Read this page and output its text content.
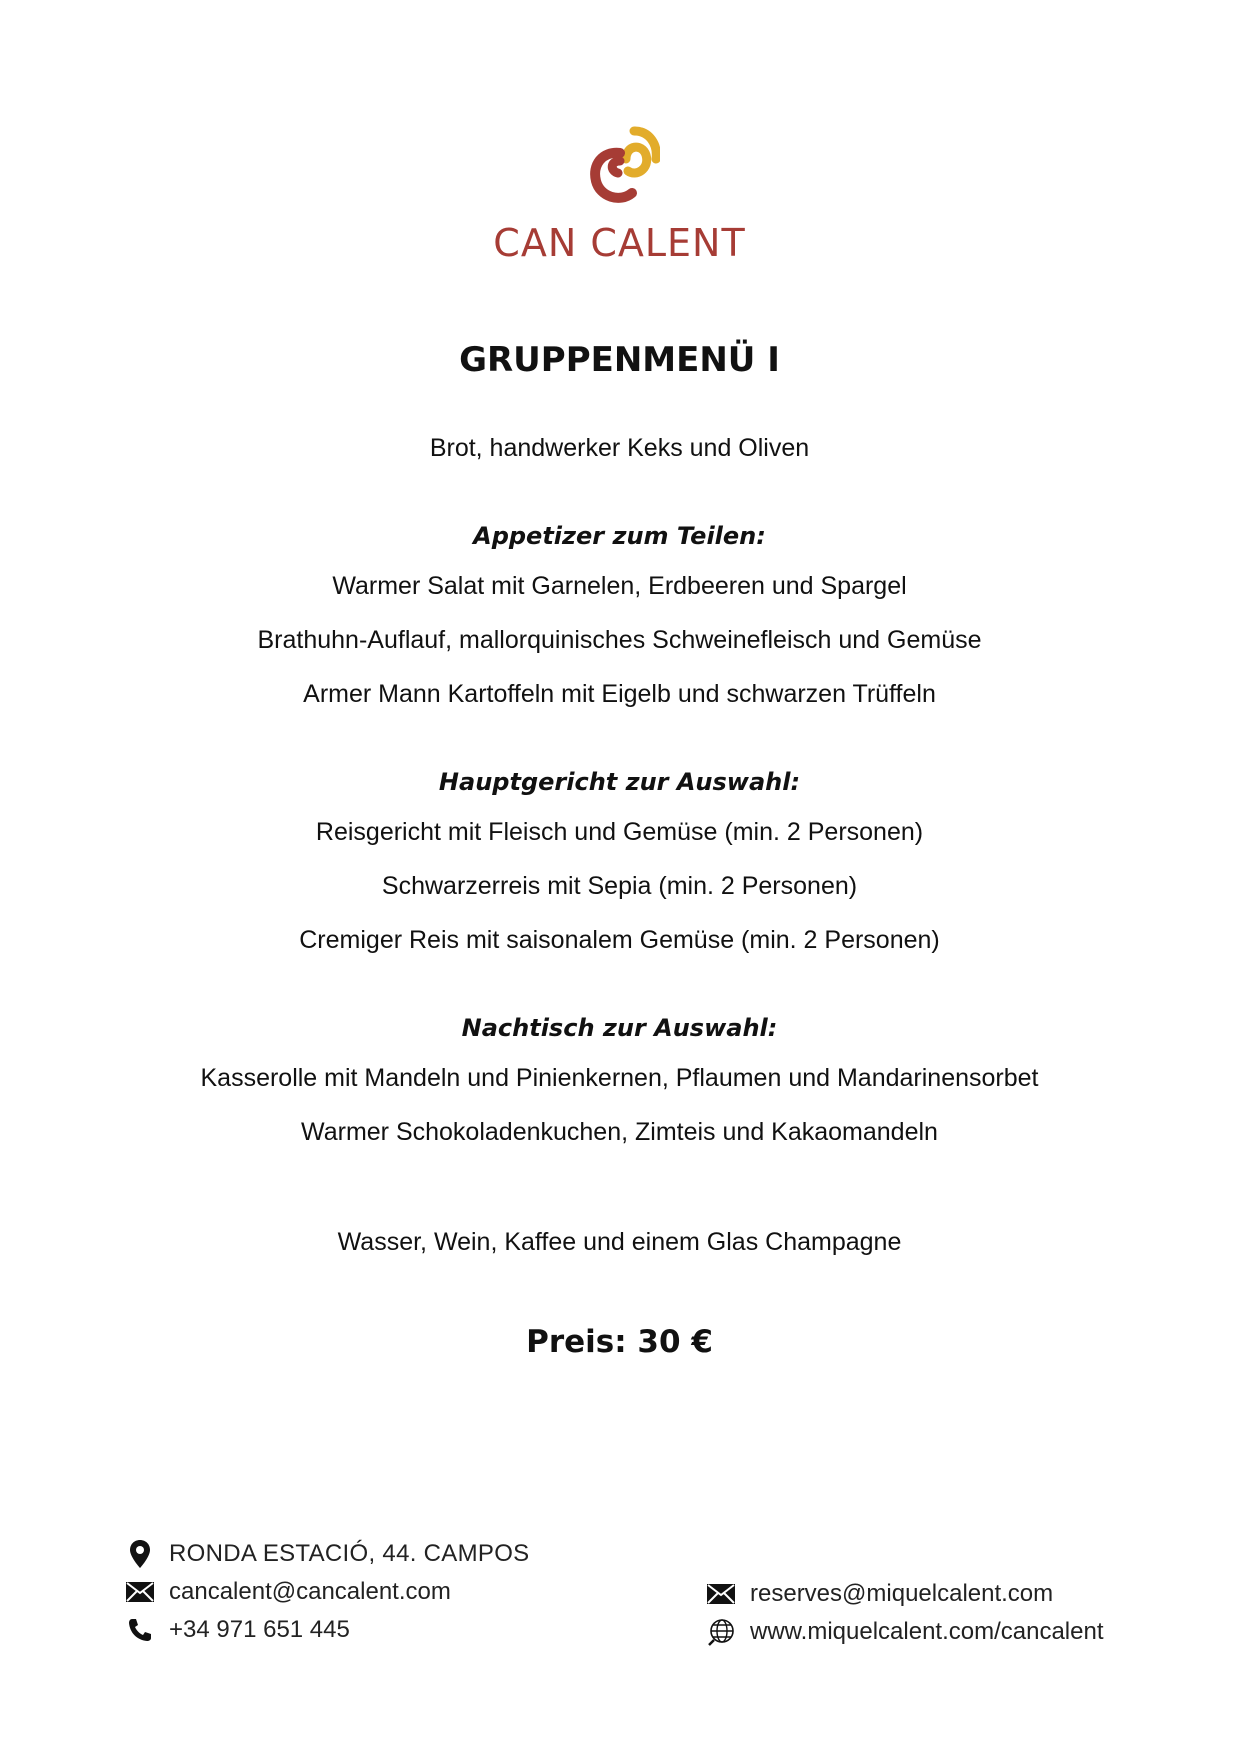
CAN CALENT
GRUPPENMENÜ I
Brot, handwerker Keks und Oliven
Appetizer zum Teilen:
Warmer Salat mit Garnelen, Erdbeeren und Spargel
Brathuhn-Auflauf, mallorquinisches Schweinefleisch und Gemüse
Armer Mann Kartoffeln mit Eigelb und schwarzen Trüffeln
Hauptgericht zur Auswahl:
Reisgericht mit Fleisch und Gemüse (min. 2 Personen)
Schwarzerreis mit Sepia (min. 2 Personen)
Cremiger Reis mit saisonalem Gemüse (min. 2 Personen)
Nachtisch zur Auswahl:
Kasserolle mit Mandeln und Pinienkernen, Pflaumen und Mandarinensorbet
Warmer Schokoladenkuchen, Zimteis und Kakaomandeln
Wasser, Wein, Kaffee und einem Glas Champagne
Preis: 30 €
RONDA ESTACIÓ, 44. CAMPOS
cancalent@cancalent.com
+34 971 651 445
reserves@miquelcalent.com
www.miquelcalent.com/cancalent
